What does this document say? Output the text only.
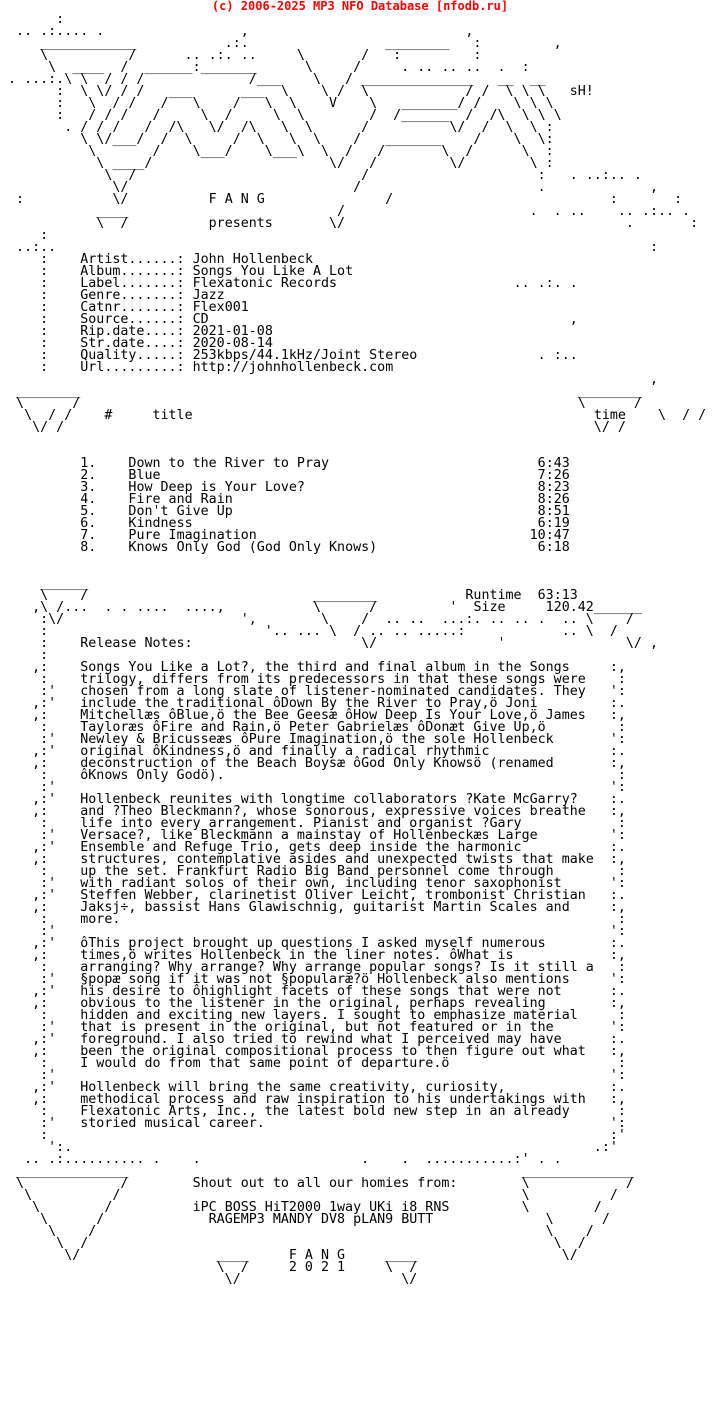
(c) 2006-2025 MP3 NFO Database [nfodb.ru]
:
.. .:.... .                 ,                           ,
____________           .:.                 ________   :         ,
\          /      .. .:. ..     \       /   :         :
\  ____  /  ______:_______      \     /     . .. .. ..  .  :
. ...:.\ \  / / /             /___    \   / ______________   __  __
:  \ \/ / /   ___      ___  \    \ /  \            / /  \ \ \   sH!
:   \  / /   /   \    /   \  \    V    \   _______/ /    \ \ \
:   / / /   /     \  /     \  \        /  /______  /  /\  \ \ \
. / / /   /  /\   \/  /\   \  \      /          \/  /  \  \ :
\ \/___/  /  \     /  \   \  \    /   _______    /    \  \:
\       /    \___/    \___\  \  /   /       \  /      \  :
\ ____/                      \/   /         \/        \ :
\  /                            /                     :   . ..:.. .
\/                            /                      .             ,
:           \/	F A N G	/                           :       :
____                          /                       .  . ..    .. .:.. .
\  /	presents	\/                                   .       :
:
..:..                                                                          :
:    Artist......: John Hollenbeck
:    Album.......: Songs You Like A Lot
:    Label.......: Flexatonic Records	.. .:. .
:    Genre.......: Jazz
:    Catnr.......: Flex001
:    Source......: CD	,
:    Rip.date....: 2021-01-08
:    Str.date....: 2020-08-14
:    Quality.....: 253kbps/44.1kHz/Joint Stereo	. :..
:    Url.........: http://johnhollenbeck.com
,
________                                                              ________
\      /                                                              \      /
\  / /    #	title	time    \  / /
\/ /                                                                  \/ /

1. Down to the River to Pray	6:43
2. Blue	7:26
3. How Deep is Your Love?	8:23
4. Fire and Rain	8:26
5. Don't Give Up	8:51
6. Kindness	6:19
7. Pure Imagination	10:47
8. Knows Only God (God Only Knows)	6:18

______
\    /                            ________	Runtime 63:13
,\ /...  . . ....  ....,           \      /         '  Size	120.42______
:\/                      ',        \    /  .. ..  ...:. .. .. .  .. \    /
:                           '.. ... \  / .. .. .....:            .. \  /
:    Release Notes:	\/               '               \/ ,
:
,:    Songs You Like a Lot?, the third and final album in the Songs	:,
:    trilogy, differs from its predecessors in that these songs were    :
:'   chosen from a long slate of listener-nominated candidates. They   ':
,:'   include the traditional ôDown By the River to Pray,ö Joni	:.
,:    Mitchellæs ôBlue,ö the Bee Geesæ ôHow Deep Is Your Love,ö James   :,
:    Tayloræs ôFire and Rain,ö Peter Gabrielæs ôDonæt Give Up,ö	:
:'   Newley & Bricusseæs ôPure Imagination,ö the sole Hollenbeck	':
,:'   original ôKindness,ö and finally a radical rhythmic	:.
,:    deconstruction of the Beach Boysæ ôGod Only Knowsö (renamed	:,
:    ôKnows Only Godö).	:
:'                                                                     ':
,:'   Hollenbeck reunites with longtime collaborators ?Kate McGarry?    :.
,:    and ?Theo Bleckmann?, whose sonorous, expressive voices breathe   :,
:    life into every arrangement. Pianist and organist ?Gary	:
:'   Versace?, like Bleckmann a mainstay of Hollenbeckæs Large	':
,:'   Ensemble and Refuge Trio, gets deep inside the harmonic	:.
,:    structures, contemplative asides and unexpected twists that make  :,
:    up the set. Frankfurt Radio Big Band personnel come through	:
:'   with radiant solos of their own, including tenor saxophonist	':
,:'   Steffen Webber, clarinetist Oliver Leicht, trombonist Christian   :.
,:    Jaksj÷, bassist Hans Glawischnig, guitarist Martin Scales and	:,
:    more.	:
:'                                                                     ':
,:'   ôThis project brought up questions I asked myself numerous	:.
,:    times,ö writes Hollenbeck in the liner notes. ôWhat is	:,
:    arranging? Why arrange? Why arrange popular songs? Is it still a   :
:'   §popæ song if it was not §popularæ?ö Hollenbeck also mentions	':
,:'   his desire to ôhighlight facets of these songs that were not	:.
,:    obvious to the listener in the original, perhaps revealing	:,
:    hidden and exciting new layers. I sought to emphasize material	:
:'   that is present in the original, but not featured or in the	':
,:'   foreground. I also tried to rewind what I perceived may have	:.
,:    been the original compositional process to then figure out what   :,
:    I would do from that same point of departure.ö	:
:'                                                                     ':
,:'   Hollenbeck will bring the same creativity, curiosity,	:.
,:    methodical process and raw inspiration to his undertakings with   :,
:    Flexatonic Arts, Inc., the latest bold new step in an already	:
:'   storied musical career.	':
:                                                                      :'
':.                                                                 .:'
.. .:.......... .    .                    .    .  ...........:' . .
______________                                                 ______________
\            /	Shout out to all our homies from:	\            /
\          /                                                  \          /
\        /	iPC BOSS HiT2000 1way UKi i8 RNS	\        /
\      /	RAGEMP3 MANDY DV8 pLAN9 BUTT	\      /
\    /                                                        \    /
\  /                                                          \  /
\/                 ____	F A N G	____                  \/
\  /	2 0 2 1	\  /
\/                    \/
